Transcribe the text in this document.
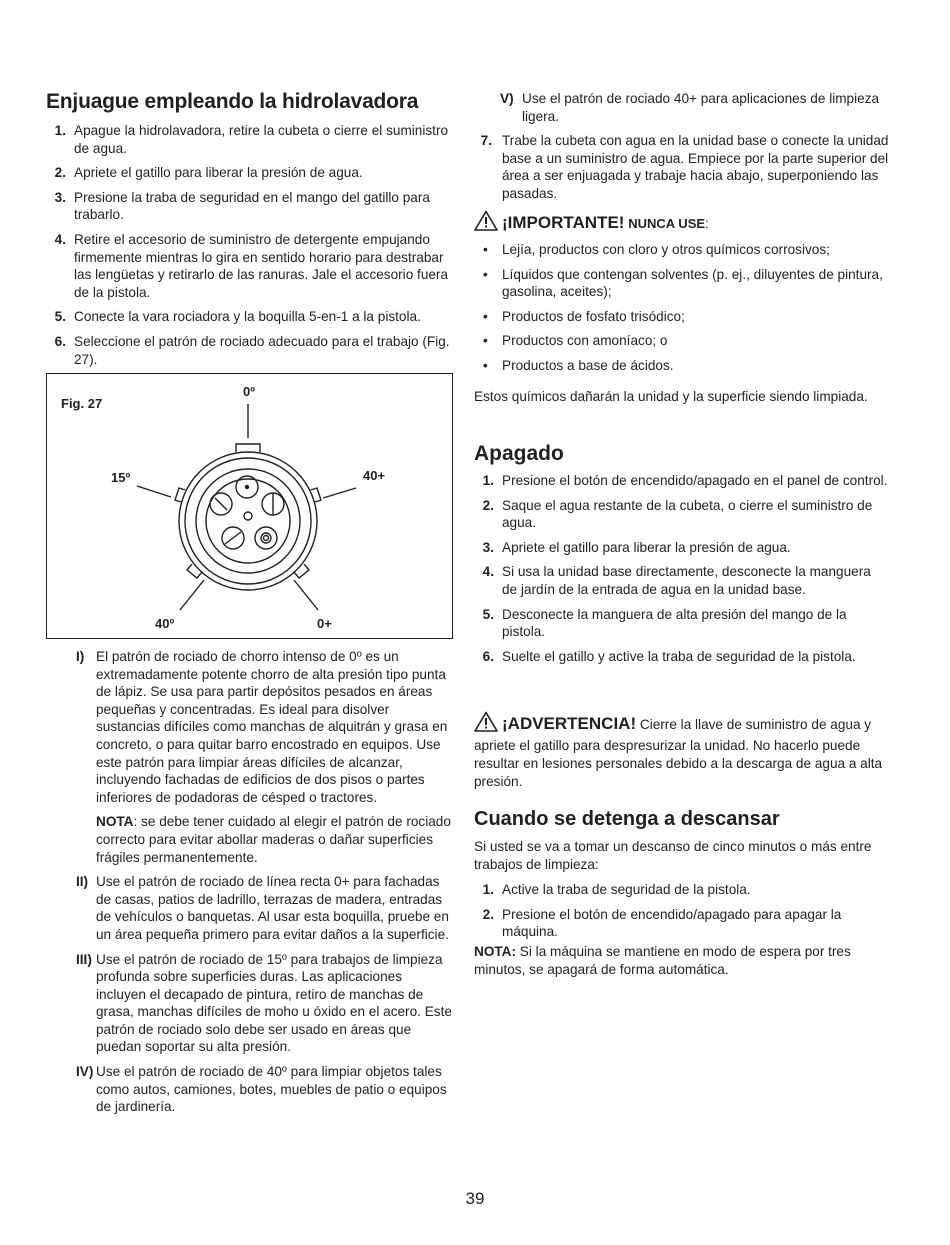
Enjuague empleando la hidrolavadora
1. Apague la hidrolavadora, retire la cubeta o cierre el suministro de agua.
2. Apriete el gatillo para liberar la presión de agua.
3. Presione la traba de seguridad en el mango del gatillo para trabarlo.
4. Retire el accesorio de suministro de detergente empujando firmemente mientras lo gira en sentido horario para destrabar las lengüetas y retirarlo de las ranuras. Jale el accesorio fuera de la pistola.
5. Conecte la vara rociadora y la boquilla 5-en-1 a la pistola.
6. Seleccione el patrón de rociado adecuado para el trabajo (Fig. 27).
Fig. 27
0º
15º	40+
40º	0+
I) El patrón de rociado de chorro intenso de 0º es un extremadamente potente chorro de alta presión tipo punta de lápiz. Se usa para partir depósitos pesados en áreas pequeñas y concentradas. Es ideal para disolver sustancias difíciles como manchas de alquitrán y grasa en concreto, o para quitar barro encostrado en equipos. Use este patrón para limpiar áreas difíciles de alcanzar, incluyendo fachadas de edificios de dos pisos o partes inferiores de podadoras de césped o tractores.
NOTA: se debe tener cuidado al elegir el patrón de rociado correcto para evitar abollar maderas o dañar superficies frágiles permanentemente.
II) Use el patrón de rociado de línea recta 0+ para fachadas de casas, patios de ladrillo, terrazas de madera, entradas de vehículos o banquetas. Al usar esta boquilla, pruebe en un área pequeña primero para evitar daños a la superficie.
III) Use el patrón de rociado de 15º para trabajos de limpieza profunda sobre superficies duras. Las aplicaciones incluyen el decapado de pintura, retiro de manchas de grasa, manchas difíciles de moho u óxido en el acero. Este patrón de rociado solo debe ser usado en áreas que puedan soportar su alta presión.
IV) Use el patrón de rociado de 40º para limpiar objetos tales como autos, camiones, botes, muebles de patio o equipos de jardinería.
V) Use el patrón de rociado 40+ para aplicaciones de limpieza ligera.
7. Trabe la cubeta con agua en la unidad base o conecte la unidad base a un suministro de agua. Empiece por la parte superior del área a ser enjuagada y trabaje hacia abajo, superponiendo las pasadas.
¡IMPORTANTE! NUNCA USE:
• Lejía, productos con cloro y otros químicos corrosivos;
• Líquidos que contengan solventes (p. ej., diluyentes de pintura, gasolina, aceites);
• Productos de fosfato trisódico;
• Productos con amoníaco; o
• Productos a base de ácidos.

Estos químicos dañarán la unidad y la superficie siendo limpiada.

Apagado
1. Presione el botón de encendido/apagado en el panel de control.
2. Saque el agua restante de la cubeta, o cierre el suministro de agua.
3. Apriete el gatillo para liberar la presión de agua.
4. Si usa la unidad base directamente, desconecte la manguera de jardín de la entrada de agua en la unidad base.
5. Desconecte la manguera de alta presión del mango de la pistola.
6. Suelte el gatillo y active la traba de seguridad de la pistola.
¡ADVERTENCIA! Cierre la llave de suministro de agua y apriete el gatillo para despresurizar la unidad. No hacerlo puede resultar en lesiones personales debido a la descarga de agua a alta presión.
Cuando se detenga a descansar

Si usted se va a tomar un descanso de cinco minutos o más entre trabajos de limpieza:

1. Active la traba de seguridad de la pistola.
2. Presione el botón de encendido/apagado para apagar la máquina.

NOTA: Si la máquina se mantiene en modo de espera por tres minutos, se apagará de forma automática.

39
